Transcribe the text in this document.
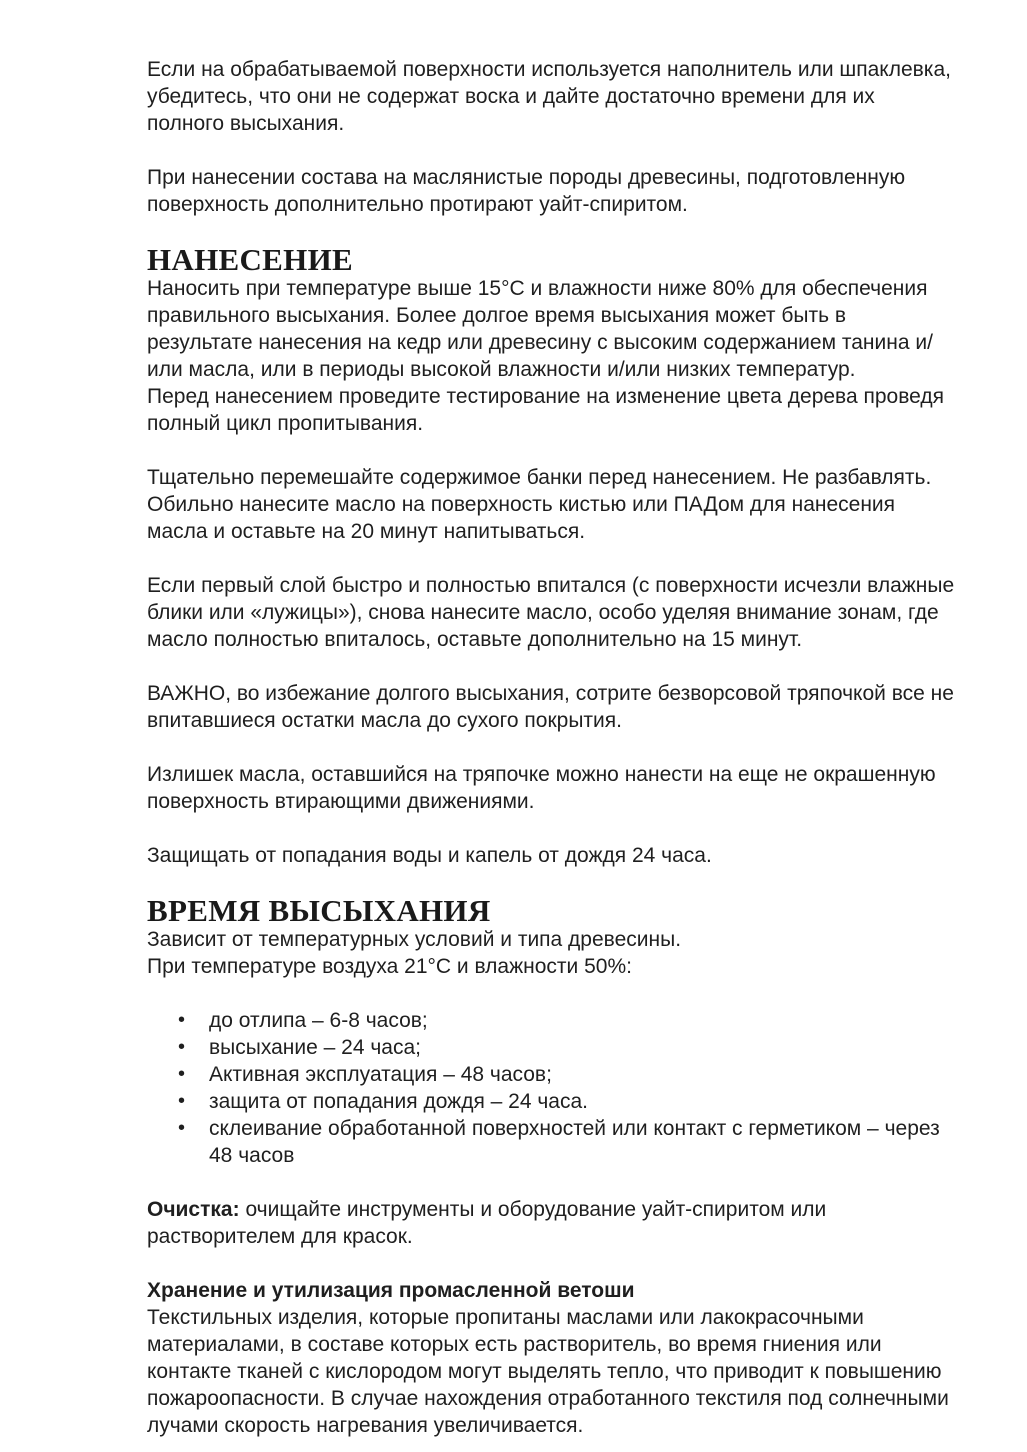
Если на обрабатываемой поверхности используется наполнитель или шпаклевка, убедитесь, что они не содержат воска и дайте достаточно времени для их полного высыхания.

При нанесении состава на маслянистые породы древесины, подготовленную поверхность дополнительно протирают уайт-спиритом.

НАНЕСЕНИЕ

Наносить при температуре выше 15°C и влажности ниже 80% для обеспечения правильного высыхания. Более долгое время высыхания может быть в результате нанесения на кедр или древесину с высоким содержанием танина и/или масла, или в периоды высокой влажности и/или низких температур.

Перед нанесением проведите тестирование на изменение цвета дерева проведя полный цикл пропитывания.

Тщательно перемешайте содержимое банки перед нанесением. Не разбавлять. Обильно нанесите масло на поверхность кистью или ПАДом для нанесения масла и оставьте на 20 минут напитываться.

Если первый слой быстро и полностью впитался (с поверхности исчезли влажные блики или «лужицы»), снова нанесите масло, особо уделяя внимание зонам, где масло полностью впиталось, оставьте дополнительно на 15 минут.

ВАЖНО, во избежание долгого высыхания, сотрите безворсовой тряпочкой все не впитавшиеся остатки масла до сухого покрытия.

Излишек масла, оставшийся на тряпочке можно нанести на еще не окрашенную поверхность втирающими движениями.

Защищать от попадания воды и капель от дождя 24 часа.

ВРЕМЯ ВЫСЫХАНИЯ

Зависит от температурных условий и типа древесины.

При температуре воздуха 21°C и влажности 50%:

• до отлипа – 6-8 часов;
• высыхание – 24 часа;
• Активная эксплуатация – 48 часов;
• защита от попадания дождя – 24 часа.
• склеивание обработанной поверхностей или контакт с герметиком – через 48 часов

Очистка: очищайте инструменты и оборудование уайт-спиритом или растворителем для красок.

Хранение и утилизация промасленной ветоши

Текстильных изделия, которые пропитаны маслами или лакокрасочными материалами, в составе которых есть растворитель, во время гниения или контакте тканей с кислородом могут выделять тепло, что приводит к повышению пожароопасности. В случае нахождения отработанного текстиля под солнечными лучами скорость нагревания увеличивается.
